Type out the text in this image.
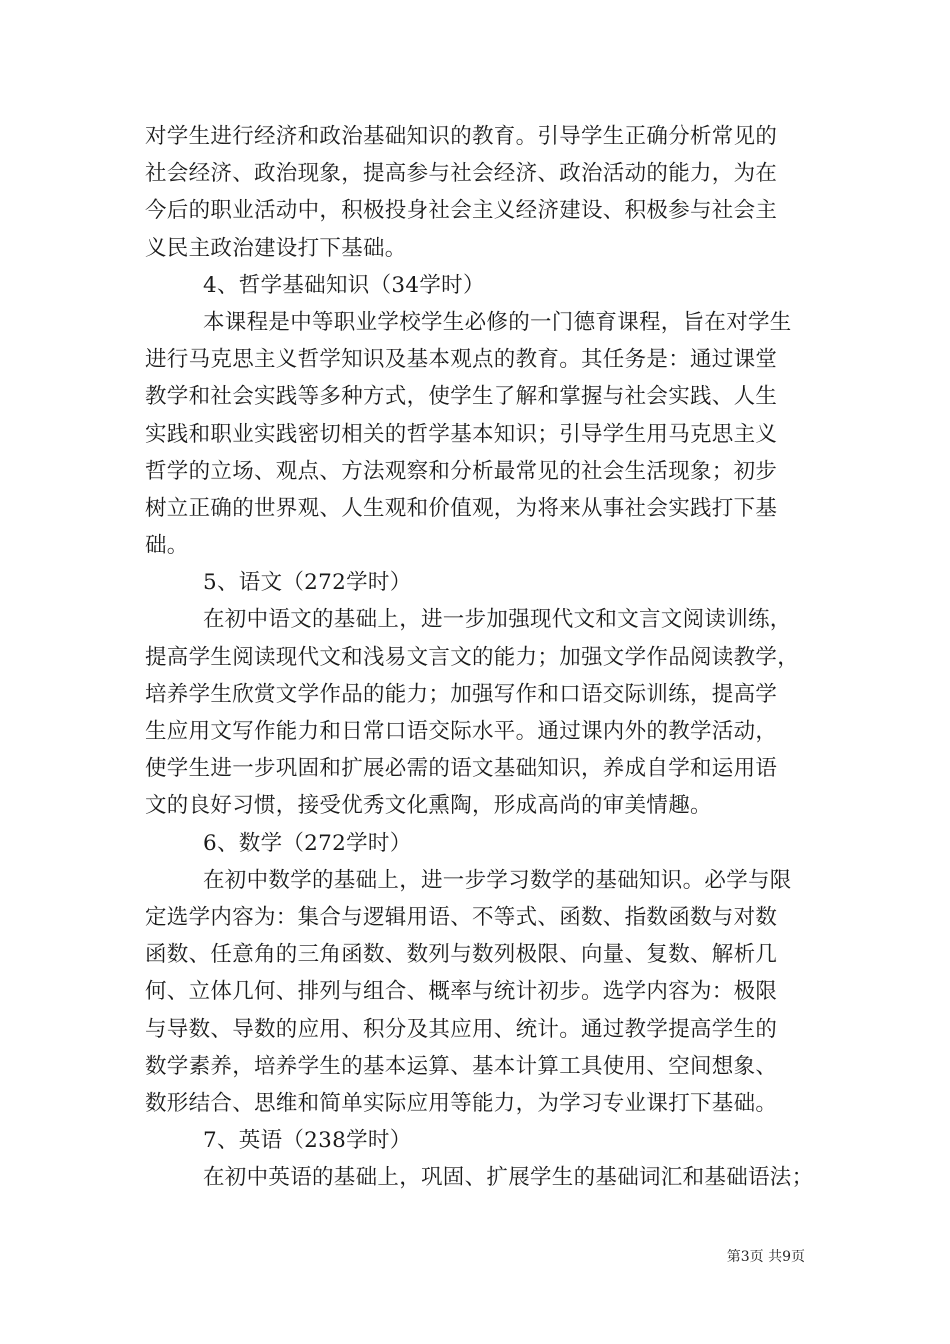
对学生进行经济和政治基础知识的教育。引导学生正确分析常见的
社会经济、政治现象，提高参与社会经济、政治活动的能力，为在
今后的职业活动中，积极投身社会主义经济建设、积极参与社会主
义民主政治建设打下基础。
4、哲学基础知识（34学时）
本课程是中等职业学校学生必修的一门德育课程，旨在对学生
进行马克思主义哲学知识及基本观点的教育。其任务是：通过课堂
教学和社会实践等多种方式，使学生了解和掌握与社会实践、人生
实践和职业实践密切相关的哲学基本知识；引导学生用马克思主义
哲学的立场、观点、方法观察和分析最常见的社会生活现象；初步
树立正确的世界观、人生观和价值观，为将来从事社会实践打下基
础。
5、语文（272学时）
在初中语文的基础上，进一步加强现代文和文言文阅读训练，
提高学生阅读现代文和浅易文言文的能力；加强文学作品阅读教学，
培养学生欣赏文学作品的能力；加强写作和口语交际训练，提高学
生应用文写作能力和日常口语交际水平。通过课内外的教学活动，
使学生进一步巩固和扩展必需的语文基础知识，养成自学和运用语
文的良好习惯，接受优秀文化熏陶，形成高尚的审美情趣。
6、数学（272学时）
在初中数学的基础上，进一步学习数学的基础知识。必学与限
定选学内容为：集合与逻辑用语、不等式、函数、指数函数与对数
函数、任意角的三角函数、数列与数列极限、向量、复数、解析几
何、立体几何、排列与组合、概率与统计初步。选学内容为：极限
与导数、导数的应用、积分及其应用、统计。通过教学提高学生的
数学素养，培养学生的基本运算、基本计算工具使用、空间想象、
数形结合、思维和简单实际应用等能力，为学习专业课打下基础。
7、英语（238学时）
在初中英语的基础上，巩固、扩展学生的基础词汇和基础语法；
第3页 共9页
